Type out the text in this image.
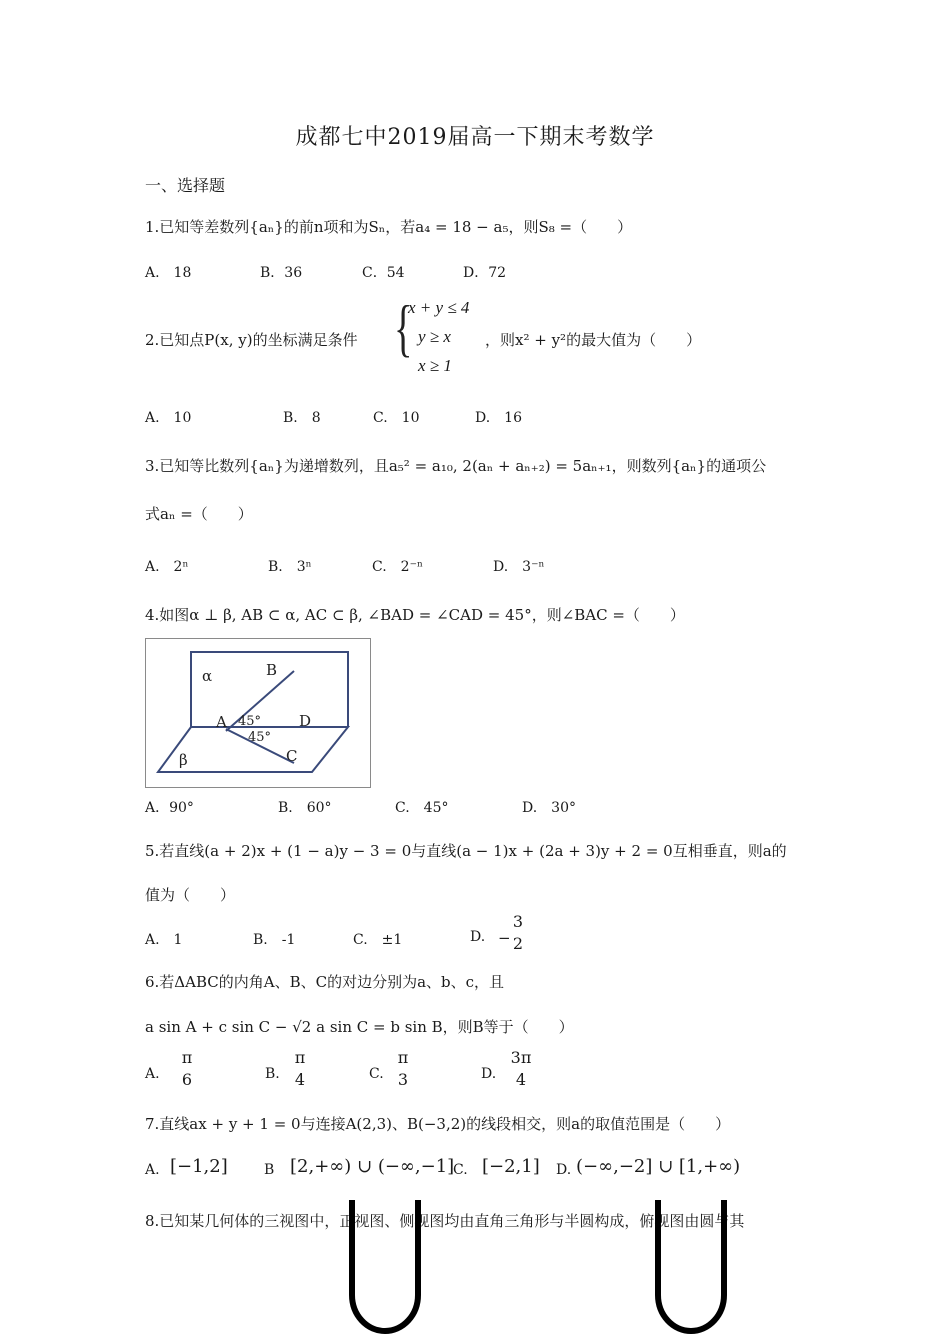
成都七中2019届高一下期末考数学
一、选择题
1.已知等差数列{aₙ}的前n项和为Sₙ，若a₄ = 18 − a₅，则S₈ =（　　）
A.　18	B．36	C．54	D．72
2.已知点P(x, y)的坐标满足条件 {
x + y ≤ 4
y ≥ x
x ≥ 1
，则x² + y²的最大值为（　　）
A.　10	B.　8	C.　10	D.　16
3.已知等比数列{aₙ}为递增数列，且a₅² = a₁₀, 2(aₙ + aₙ₊₂) = 5aₙ₊₁，则数列{aₙ}的通项公
式aₙ =（　　）
A.　2ⁿ	B.　3ⁿ	C.　2⁻ⁿ	D.　3⁻ⁿ
4.如图α ⊥ β, AB ⊂ α, AC ⊂ β, ∠BAD = ∠CAD = 45°，则∠BAC =（　　）
α
β
B
A	D
C
45°
45°
A．90°	B.　60°	C.　45°	D.　30°
5.若直线(a + 2)x + (1 − a)y − 3 = 0与直线(a − 1)x + (2a + 3)y + 2 = 0互相垂直，则a的
值为（　　）
A.　1	B.　-1	C.　±1	D. −
3
2
6.若ΔABC的内角A、B、C的对边分别为a、b、c，且
a sin A + c sin C − √2 a sin C = b sin B，则B等于（　　）
A.
π
6	B.
π
4	C.
π
3	D.
3π
4
7.直线ax + y + 1 = 0与连接A(2,3)、B(−3,2)的线段相交，则a的取值范围是（　　）
A. [−1,2]	B [2,+∞) ∪ (−∞,−1]
C. [−2,1] D. (−∞,−2] ∪ [1,+∞)
8.已知某几何体的三视图中，正视图、侧视图均由直角三角形与半圆构成，俯视图由圆与其
